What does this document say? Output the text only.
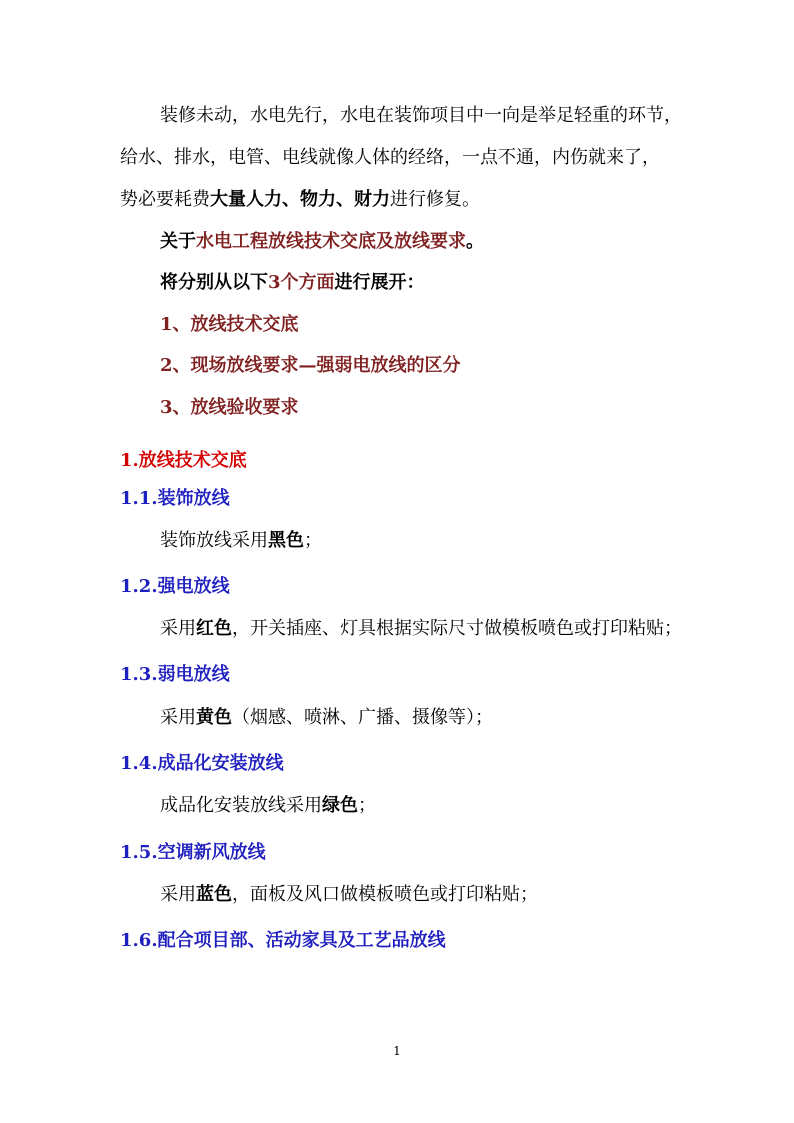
装修未动，水电先行，水电在装饰项目中一向是举足轻重的环节，
给水、排水，电管、电线就像人体的经络，一点不通，内伤就来了，
势必要耗费大量人力、物力、财力进行修复。
关于水电工程放线技术交底及放线要求。
将分别从以下3个方面进行展开：
1、放线技术交底
2、现场放线要求—强弱电放线的区分
3、放线验收要求
1.放线技术交底
1.1.装饰放线
装饰放线采用黑色；
1.2.强电放线
采用红色，开关插座、灯具根据实际尺寸做模板喷色或打印粘贴；
1.3.弱电放线
采用黄色（烟感、喷淋、广播、摄像等）；
1.4.成品化安装放线
成品化安装放线采用绿色；
1.5.空调新风放线
采用蓝色，面板及风口做模板喷色或打印粘贴；
1.6.配合项目部、活动家具及工艺品放线
1
